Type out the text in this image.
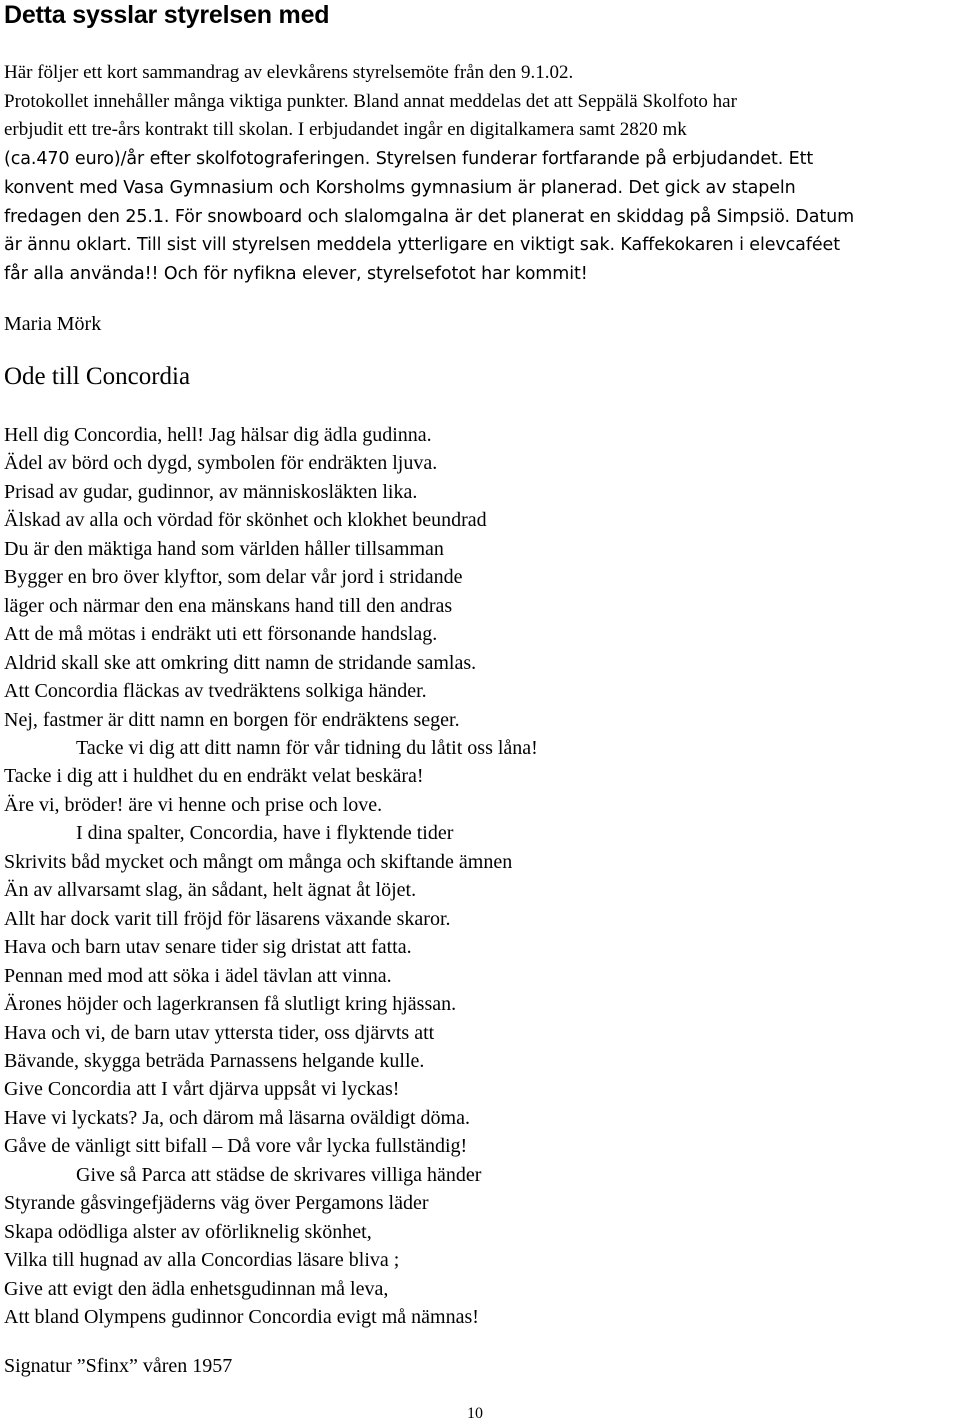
Detta sysslar styrelsen med
Här följer ett kort sammandrag av elevkårens styrelsemöte från den 9.1.02.
Protokollet innehåller många viktiga punkter. Bland annat meddelas det att Seppälä Skolfoto har
erbjudit ett tre-års kontrakt till skolan. I erbjudandet ingår en digitalkamera samt 2820 mk
(ca.470 euro)/år efter skolfotograferingen. Styrelsen funderar fortfarande på erbjudandet. Ett
konvent med Vasa Gymnasium och Korsholms gymnasium är planerad. Det gick av stapeln
fredagen den 25.1. För snowboard och slalomgalna är det planerat en skiddag på Simpsiö. Datum
är ännu oklart. Till sist vill styrelsen meddela ytterligare en viktigt sak. Kaffekokaren i elevcaféet
får alla använda!! Och för nyfikna elever, styrelsefotot har kommit!
Maria Mörk
Ode till Concordia
Hell dig Concordia, hell! Jag hälsar dig ädla gudinna.
Ädel av börd och dygd, symbolen för endräkten ljuva.
Prisad av gudar, gudinnor, av människosläkten lika.
Älskad av alla och vördad för skönhet och klokhet beundrad
Du är den mäktiga hand som världen håller tillsamman
Bygger en bro över klyftor, som delar vår jord i stridande
läger och närmar den ena mänskans hand till den andras
Att de må mötas i endräkt uti ett försonande handslag.
Aldrid skall ske att omkring ditt namn de stridande samlas.
Att Concordia fläckas av tvedräktens solkiga händer.
Nej, fastmer är ditt namn en borgen för endräktens seger.
Tacke vi dig att ditt namn för vår tidning du låtit oss låna!
Tacke i dig att i huldhet du en endräkt velat beskära!
Äre vi, bröder! äre vi henne och prise och love.
I dina spalter, Concordia, have i flyktende tider
Skrivits båd mycket och mångt om många och skiftande ämnen
Än av allvarsamt slag, än sådant, helt ägnat åt löjet.
Allt har dock varit till fröjd för läsarens växande skaror.
Hava och barn utav senare tider sig dristat att fatta.
Pennan med mod att söka i ädel tävlan att vinna.
Ärones höjder och lagerkransen få slutligt kring hjässan.
Hava och vi, de barn utav yttersta tider, oss djärvts att
Bävande, skygga beträda Parnassens helgande kulle.
Give Concordia att I vårt djärva uppsåt vi lyckas!
Have vi lyckats? Ja, och därom må läsarna oväldigt döma.
Gåve de vänligt sitt bifall – Då vore vår lycka fullständig!
Give så Parca att städse de skrivares villiga händer
Styrande gåsvingefjäderns väg över Pergamons läder
Skapa odödliga alster av oförliknelig skönhet,
Vilka till hugnad av alla Concordias läsare bliva ;
Give att evigt den ädla enhetsgudinnan må leva,
Att bland Olympens gudinnor Concordia evigt må nämnas!
Signatur ”Sfinx” våren 1957
10
